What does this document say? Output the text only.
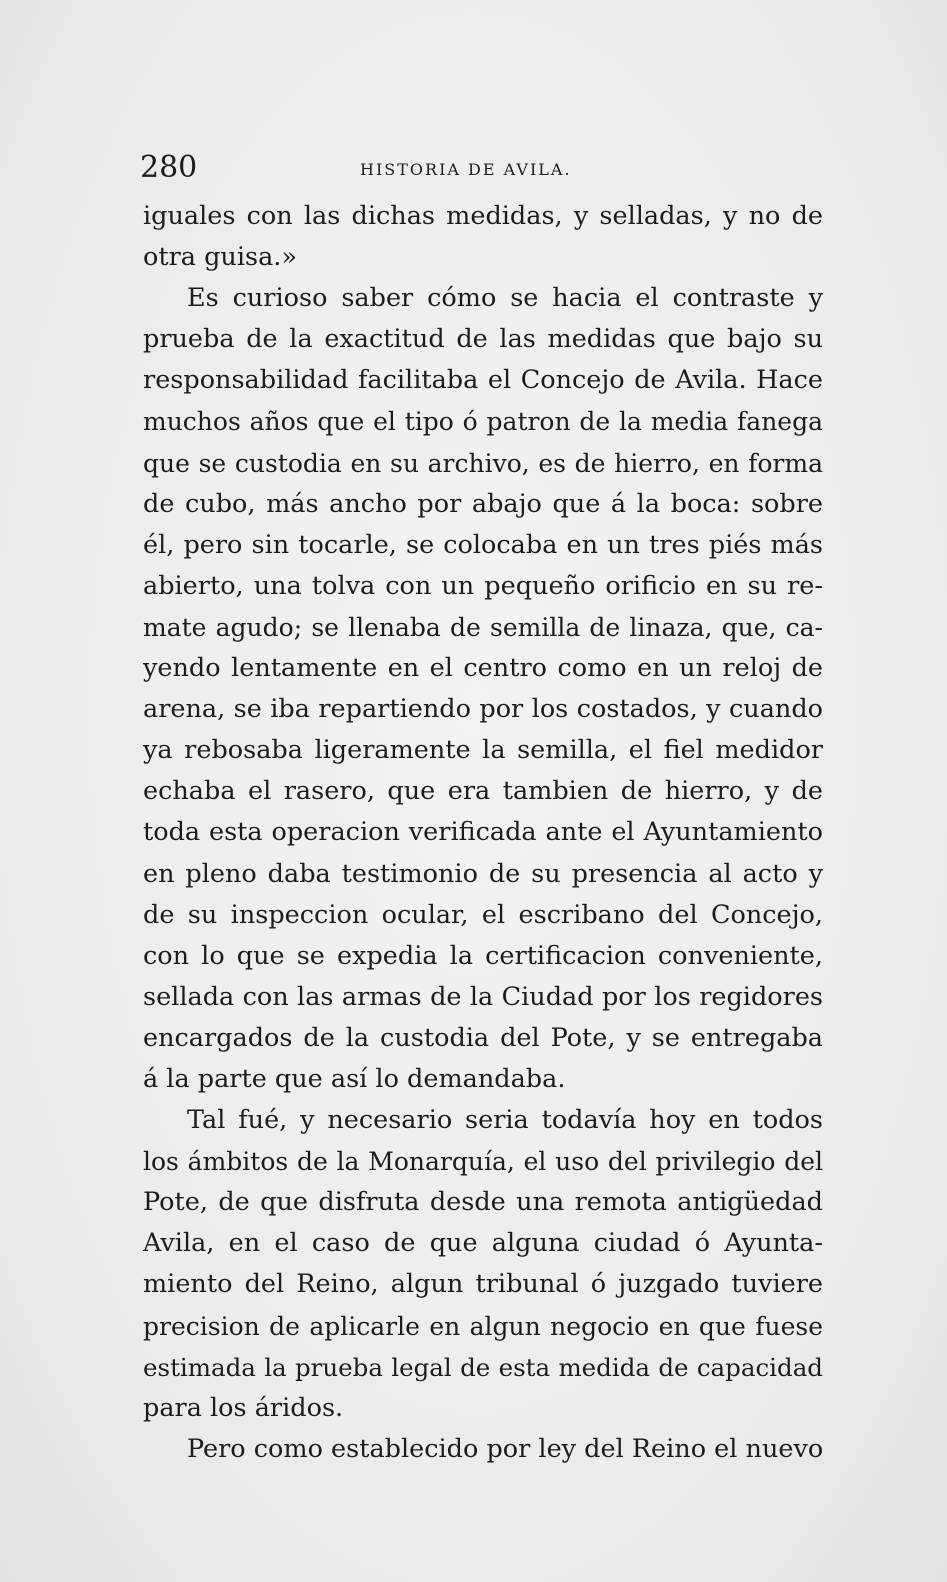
280	HISTORIA DE AVILA.
iguales con las dichas medidas, y selladas, y no de
otra guisa.»
Es curioso saber cómo se hacia el contraste y
prueba de la exactitud de las medidas que bajo su
responsabilidad facilitaba el Concejo de Avila. Hace
muchos años que el tipo ó patron de la media fanega
que se custodia en su archivo, es de hierro, en forma
de cubo, más ancho por abajo que á la boca: sobre
él, pero sin tocarle, se colocaba en un tres piés más
abierto, una tolva con un pequeño orificio en su re-
mate agudo; se llenaba de semilla de linaza, que, ca-
yendo lentamente en el centro como en un reloj de
arena, se iba repartiendo por los costados, y cuando
ya rebosaba ligeramente la semilla, el fiel medidor
echaba el rasero, que era tambien de hierro, y de
toda esta operacion verificada ante el Ayuntamiento
en pleno daba testimonio de su presencia al acto y
de su inspeccion ocular, el escribano del Concejo,
con lo que se expedia la certificacion conveniente,
sellada con las armas de la Ciudad por los regidores
encargados de la custodia del Pote, y se entregaba
á la parte que así lo demandaba.
Tal fué, y necesario seria todavía hoy en todos
los ámbitos de la Monarquía, el uso del privilegio del
Pote, de que disfruta desde una remota antigüedad
Avila, en el caso de que alguna ciudad ó Ayunta-
miento del Reino, algun tribunal ó juzgado tuviere
precision de aplicarle en algun negocio en que fuese
estimada la prueba legal de esta medida de capacidad
para los áridos.
Pero como establecido por ley del Reino el nuevo
